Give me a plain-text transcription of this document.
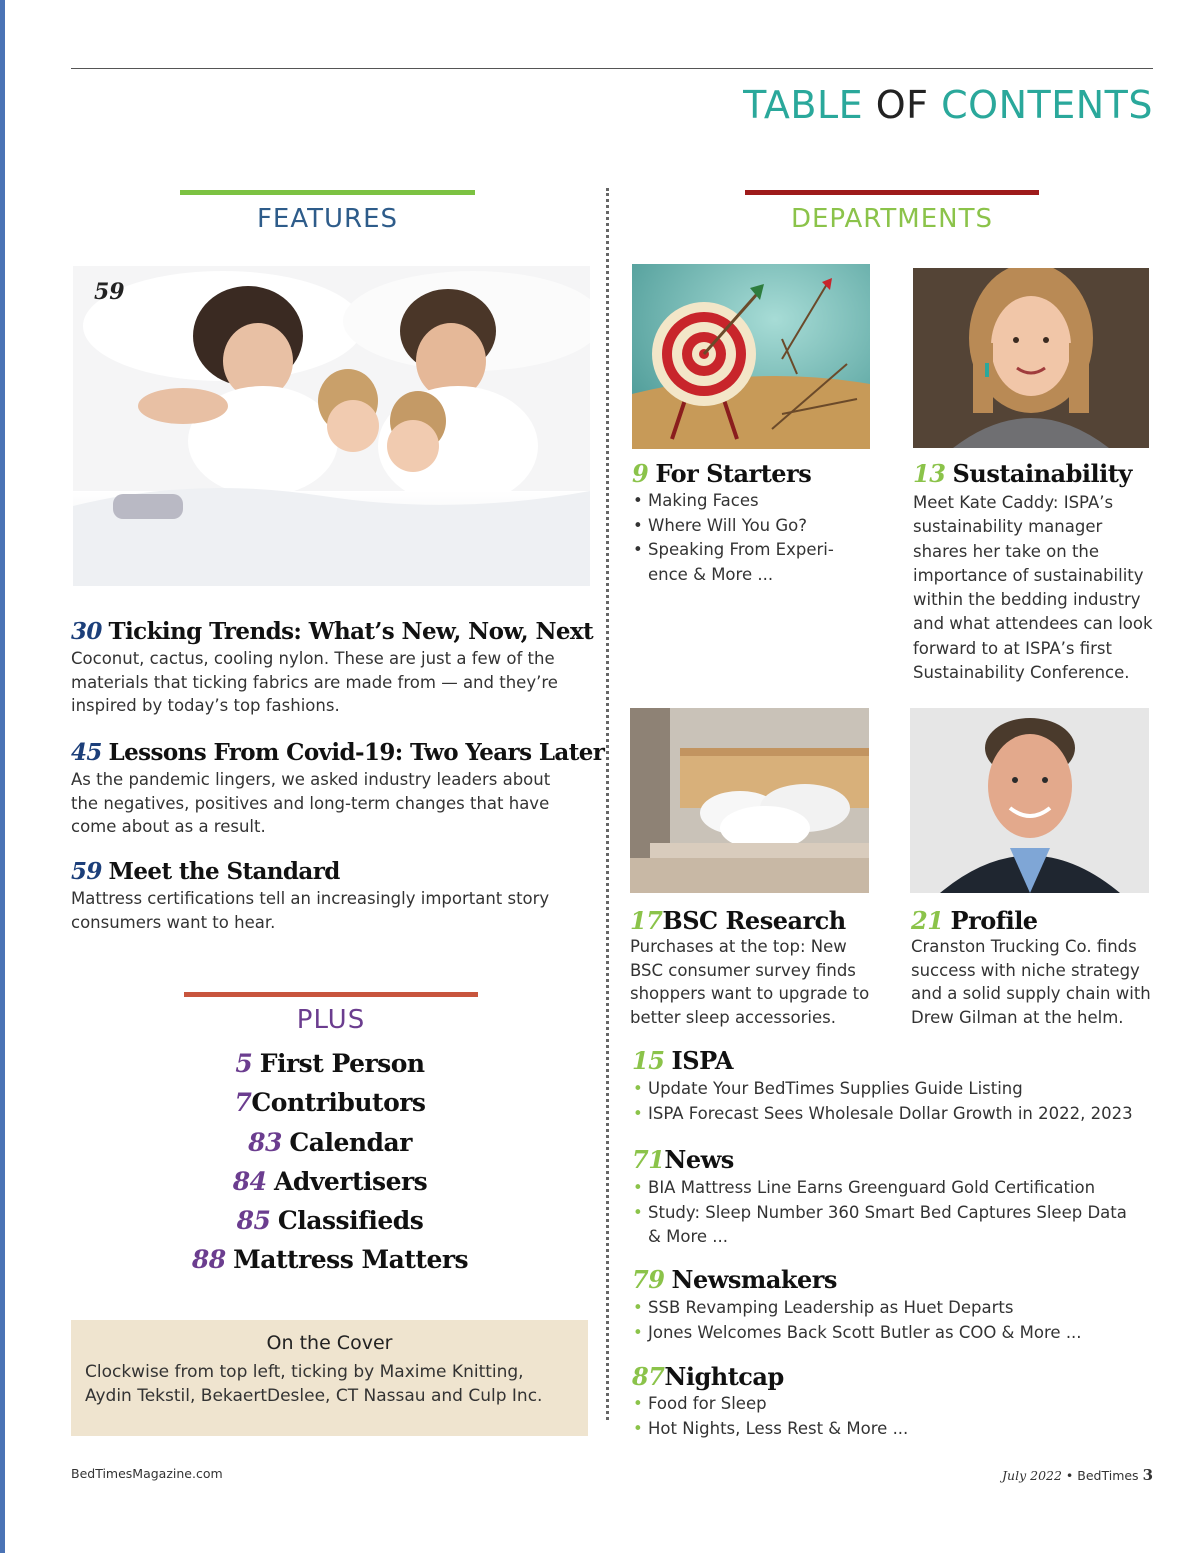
TABLE OF CONTENTS
FEATURES
59
30 Ticking Trends: What’s New, Now, Next
Coconut, cactus, cooling nylon. These are just a few of the materials that ticking fabrics are made from — and they’re inspired by today’s top fashions.
45 Lessons From Covid-19: Two Years Later
As the pandemic lingers, we asked industry leaders about the negatives, positives and long-term changes that have come about as a result.
59 Meet the Standard
Mattress certifications tell an increasingly important story consumers want to hear.
PLUS
5 First Person
7Contributors
83 Calendar
84 Advertisers
85 Classifieds
88 Mattress Matters
On the Cover
Clockwise from top left, ticking by Maxime Knitting, Aydin Tekstil, BekaertDeslee, CT Nassau and Culp Inc.
DEPARTMENTS
9 For Starters
• Making Faces
• Where Will You Go?
• Speaking From Experi-
ence & More ...
13 Sustainability
Meet Kate Caddy: ISPA’s sustainability manager shares her take on the importance of sustainability within the bedding industry and what attendees can look forward to at ISPA’s first Sustainability Conference.
17BSC Research
Purchases at the top: New BSC consumer survey finds shoppers want to upgrade to better sleep accessories.
21 Profile
Cranston Trucking Co. finds success with niche strategy and a solid supply chain with Drew Gilman at the helm.
15 ISPA
• Update Your BedTimes Supplies Guide Listing
• ISPA Forecast Sees Wholesale Dollar Growth in 2022, 2023
71News
• BIA Mattress Line Earns Greenguard Gold Certification
• Study: Sleep Number 360 Smart Bed Captures Sleep Data
& More ...
79 Newsmakers
• SSB Revamping Leadership as Huet Departs
• Jones Welcomes Back Scott Butler as COO & More ...
87Nightcap
• Food for Sleep
• Hot Nights, Less Rest & More ...
BedTimesMagazine.com	July 2022 • BedTimes 3
